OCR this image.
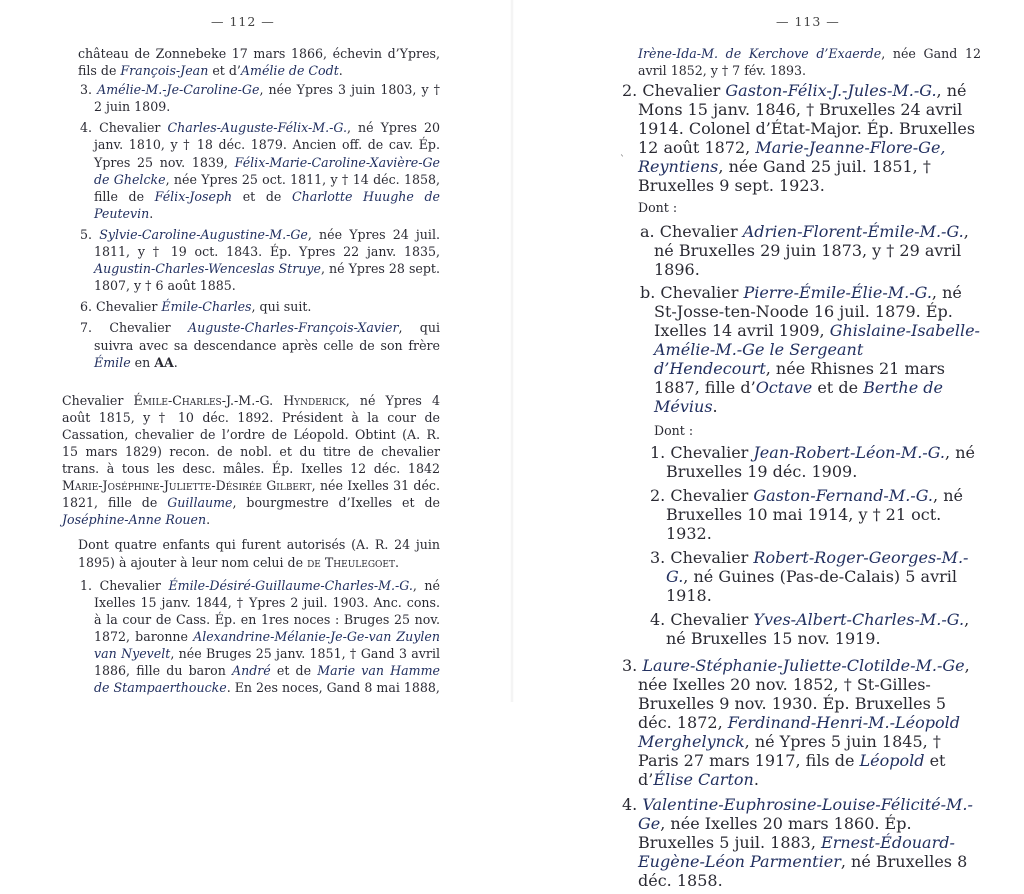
— 112 —

château de Zonnebeke 17 mars 1866, échevin d’Ypres, fils de François-Jean et d’Amélie de Codt.

3. Amélie-M.-Je-Caroline-Ge, née Ypres 3 juin 1803, y † 2 juin 1809.
4. Chevalier Charles-Auguste-Félix-M.-G., né Ypres 20 janv. 1810, y † 18 déc. 1879. Ancien off. de cav. Ép. Ypres 25 nov. 1839, Félix-Marie-Caroline-Xavière-Ge de Ghelcke, née Ypres 25 oct. 1811, y † 14 déc. 1858, fille de Félix-Joseph et de Charlotte Huughe de Peutevin.
5. Sylvie-Caroline-Augustine-M.-Ge, née Ypres 24 juil. 1811, y † 19 oct. 1843. Ép. Ypres 22 janv. 1835, Augustin-Charles-Wenceslas Struye, né Ypres 28 sept. 1807, y † 6 août 1885.
6. Chevalier Émile-Charles, qui suit.
7. Chevalier Auguste-Charles-François-Xavier, qui suivra avec sa descendance après celle de son frère Émile en AA.

Chevalier Émile-Charles-J.-M.-G. Hynderick, né Ypres 4 août 1815, y † 10 déc. 1892. Président à la cour de Cassation, chevalier de l’ordre de Léopold. Obtint (A. R. 15 mars 1829) recon. de nobl. et du titre de chevalier trans. à tous les desc. mâles. Ép. Ixelles 12 déc. 1842 Marie-Joséphine-Juliette-Désirée Gilbert, née Ixelles 31 déc. 1821, fille de Guillaume, bourgmestre d’Ixelles et de Joséphine-Anne Rouen.

Dont quatre enfants qui furent autorisés (A. R. 24 juin 1895) à ajouter à leur nom celui de de Theulegoet.

1. Chevalier Émile-Désiré-Guillaume-Charles-M.-G., né Ixelles 15 janv. 1844, † Ypres 2 juil. 1903. Anc. cons. à la cour de Cass. Ép. en 1res noces : Bruges 25 nov. 1872, baronne Alexandrine-Mélanie-Je-Ge-van Zuylen van Nyevelt, née Bruges 25 janv. 1851, † Gand 3 avril 1886, fille du baron André et de Marie van Hamme de Stampaerthoucke. En 2es noces, Gand 8 mai 1888,
— 113 —
`

Irène-Ida-M. de Kerchove d’Exaerde, née Gand 12 avril 1852, y † 7 fév. 1893.

2. Chevalier Gaston-Félix-J.-Jules-M.-G., né Mons 15 janv. 1846, † Bruxelles 24 avril 1914. Colonel d’État-Major. Ép. Bruxelles 12 août 1872, Marie-Jeanne-Flore-Ge, Reyntiens, née Gand 25 juil. 1851, † Bruxelles 9 sept. 1923.

Dont :

a. Chevalier Adrien-Florent-Émile-M.-G., né Bruxelles 29 juin 1873, y † 29 avril 1896.
b. Chevalier Pierre-Émile-Élie-M.-G., né St-Josse-ten-Noode 16 juil. 1879. Ép. Ixelles 14 avril 1909, Ghislaine-Isabelle-Amélie-M.-Ge le Sergeant d’Hendecourt, née Rhisnes 21 mars 1887, fille d’Octave et de Berthe de Mévius.

Dont :

1. Chevalier Jean-Robert-Léon-M.-G., né Bruxelles 19 déc. 1909.
2. Chevalier Gaston-Fernand-M.-G., né Bruxelles 10 mai 1914, y † 21 oct. 1932.
3. Chevalier Robert-Roger-Georges-M.-G., né Guines (Pas-de-Calais) 5 avril 1918.
4. Chevalier Yves-Albert-Charles-M.-G., né Bruxelles 15 nov. 1919.
3. Laure-Stéphanie-Juliette-Clotilde-M.-Ge, née Ixelles 20 nov. 1852, † St-Gilles-Bruxelles 9 nov. 1930. Ép. Bruxelles 5 déc. 1872, Ferdinand-Henri-M.-Léopold Merghelynck, né Ypres 5 juin 1845, † Paris 27 mars 1917, fils de Léopold et d’Élise Carton.
4. Valentine-Euphrosine-Louise-Félicité-M.-Ge, née Ixelles 20 mars 1860. Ép. Bruxelles 5 juil. 1883, Ernest-Édouard-Eugène-Léon Parmentier, né Bruxelles 8 déc. 1858.
